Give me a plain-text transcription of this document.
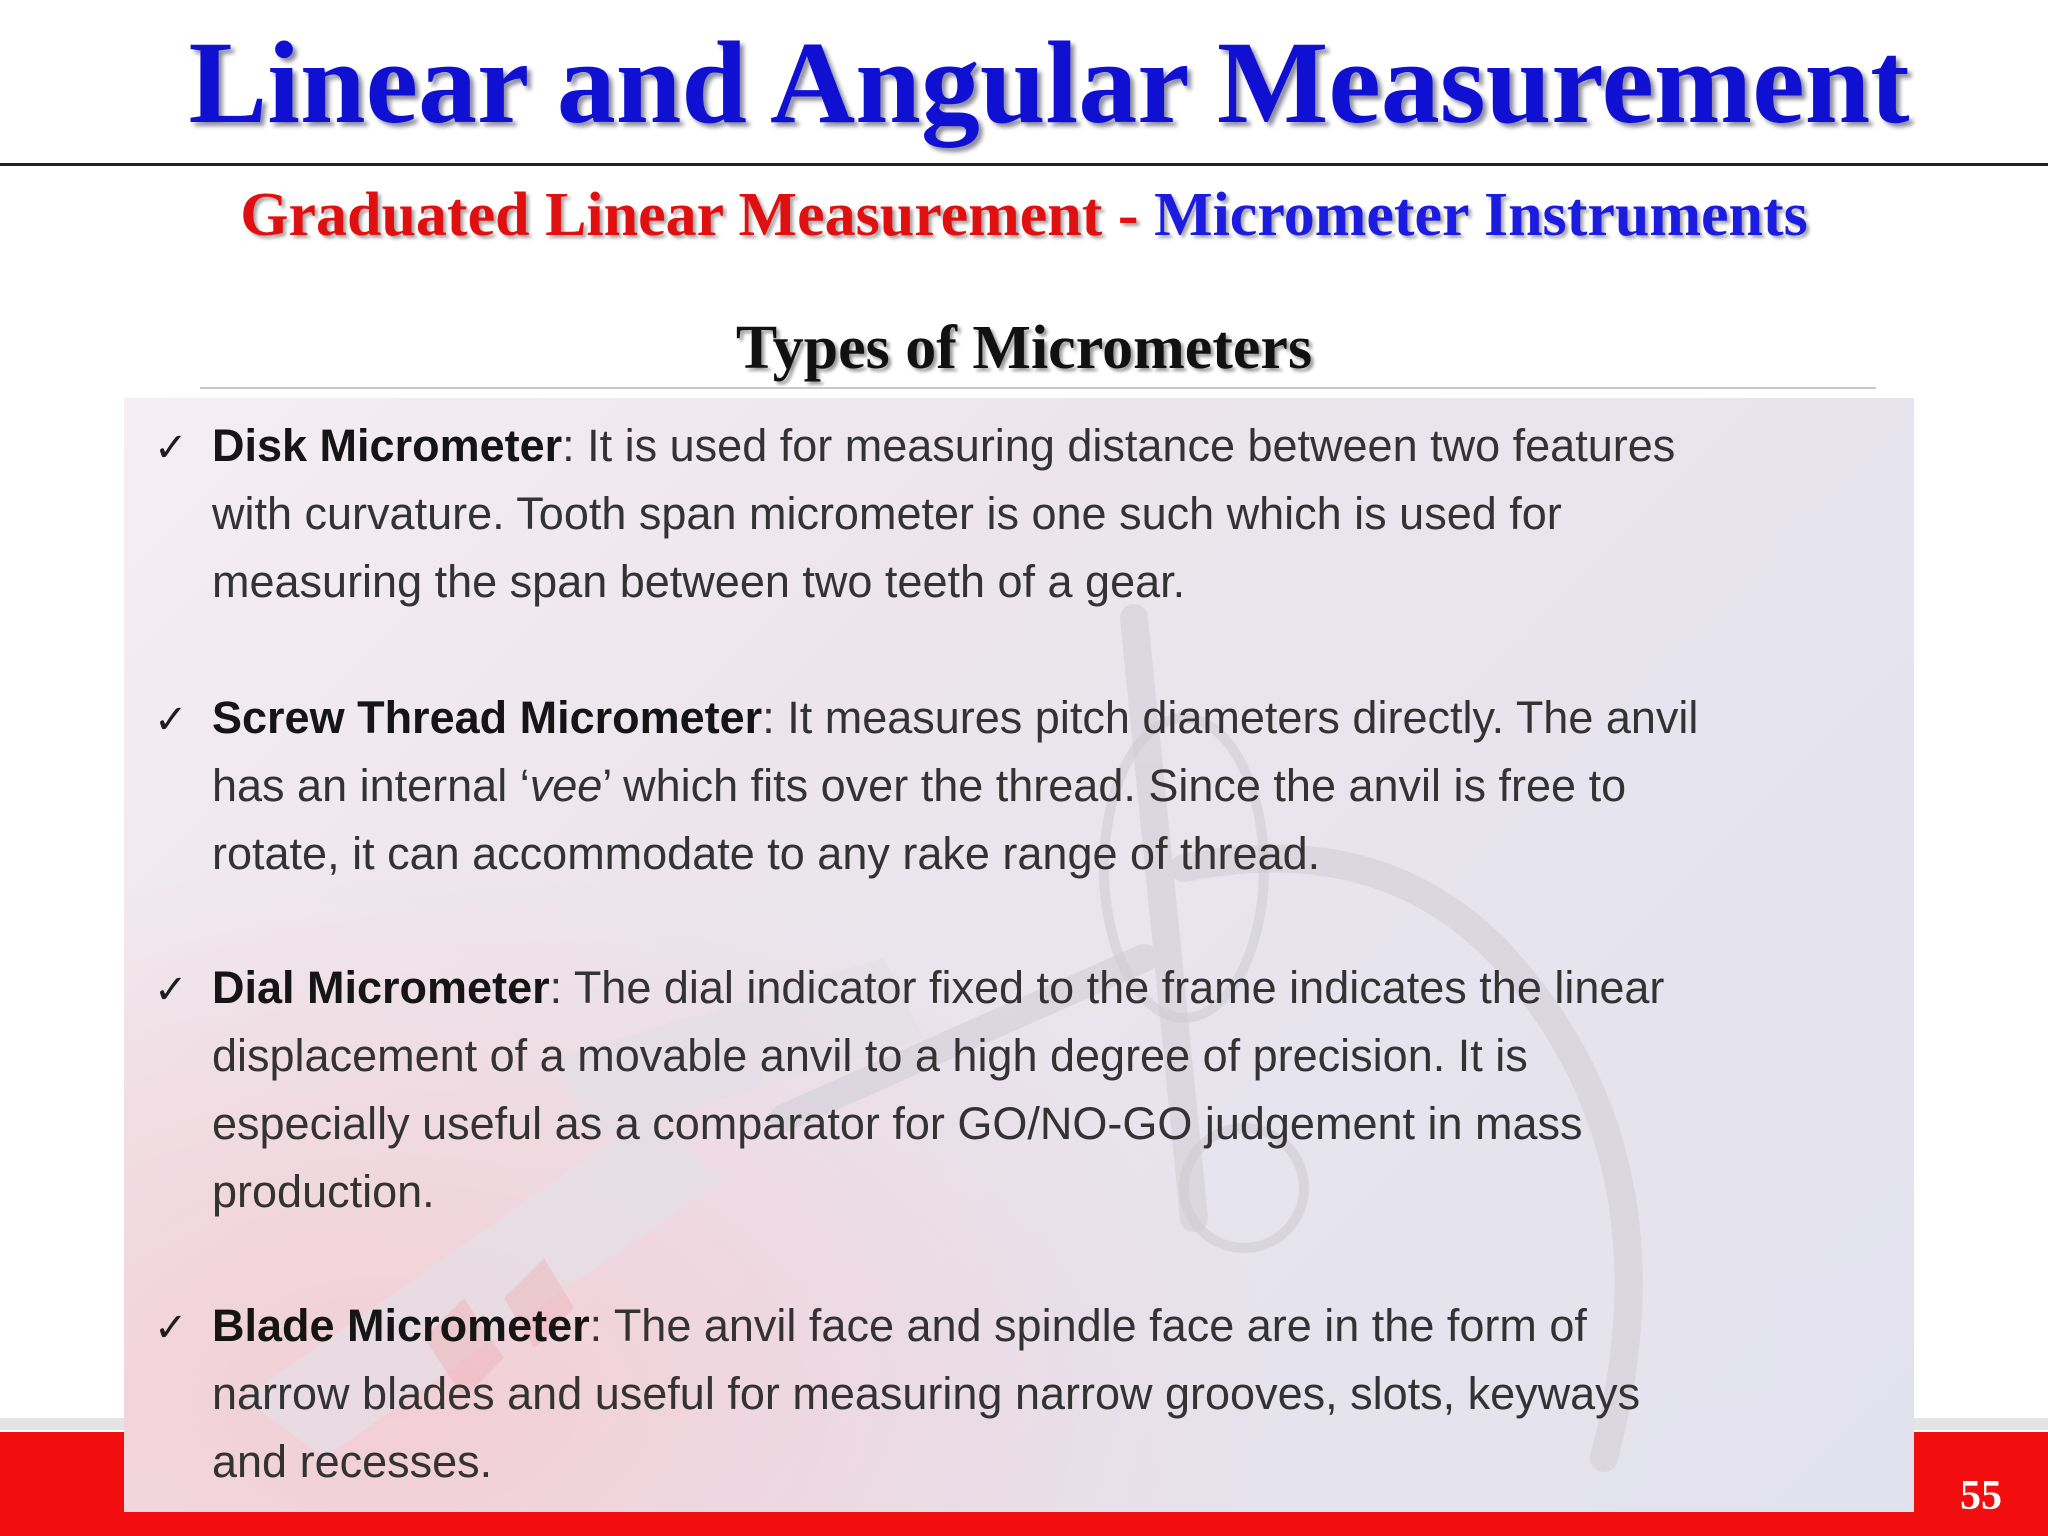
Linear and Angular Measurement
Graduated Linear Measurement - Micrometer Instruments
Types of Micrometers
55
✓ Disk Micrometer: It is used for measuring distance between two features
with curvature. Tooth span micrometer is one such which is used for
measuring the span between two teeth of a gear.
✓ Screw Thread Micrometer: It measures pitch diameters directly. The anvil
has an internal ‘vee’ which fits over the thread. Since the anvil is free to
rotate, it can accommodate to any rake range of thread.
✓ Dial Micrometer: The dial indicator fixed to the frame indicates the linear
displacement of a movable anvil to a high degree of precision. It is
especially useful as a comparator for GO/NO-GO judgement in mass
production.
✓ Blade Micrometer: The anvil face and spindle face are in the form of
narrow blades and useful for measuring narrow grooves, slots, keyways
and recesses.
